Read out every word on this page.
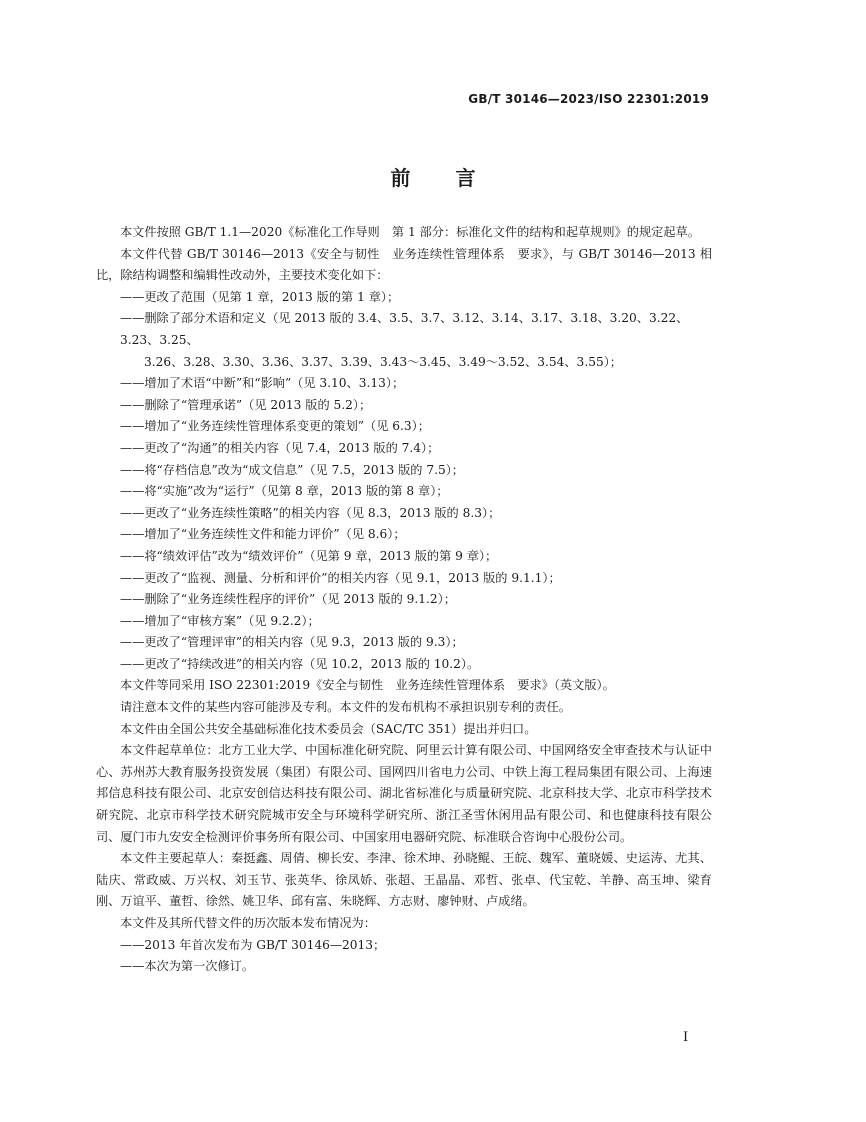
GB/T 30146—2023/ISO 22301:2019
前言

本文件按照 GB/T 1.1—2020《标准化工作导则　第 1 部分：标准化文件的结构和起草规则》的规定起草。

本文件代替 GB/T 30146—2013《安全与韧性　业务连续性管理体系　要求》，与 GB/T 30146—2013 相比，除结构调整和编辑性改动外，主要技术变化如下：

——更改了范围（见第 1 章，2013 版的第 1 章）；

——删除了部分术语和定义（见 2013 版的 3.4、3.5、3.7、3.12、3.14、3.17、3.18、3.20、3.22、3.23、3.25、

3.26、3.28、3.30、3.36、3.37、3.39、3.43～3.45、3.49～3.52、3.54、3.55）；

——增加了术语“中断”和“影响”（见 3.10、3.13）；

——删除了“管理承诺”（见 2013 版的 5.2）；

——增加了“业务连续性管理体系变更的策划”（见 6.3）；

——更改了“沟通”的相关内容（见 7.4，2013 版的 7.4）；

——将“存档信息”改为“成文信息”（见 7.5，2013 版的 7.5）；

——将“实施”改为“运行”（见第 8 章，2013 版的第 8 章）；

——更改了“业务连续性策略”的相关内容（见 8.3，2013 版的 8.3）；

——增加了“业务连续性文件和能力评价”（见 8.6）；

——将“绩效评估”改为“绩效评价”（见第 9 章，2013 版的第 9 章）；

——更改了“监视、测量、分析和评价”的相关内容（见 9.1，2013 版的 9.1.1）；

——删除了“业务连续性程序的评价”（见 2013 版的 9.1.2）；

——增加了“审核方案”（见 9.2.2）；

——更改了“管理评审”的相关内容（见 9.3，2013 版的 9.3）；

——更改了“持续改进”的相关内容（见 10.2，2013 版的 10.2）。

本文件等同采用 ISO 22301:2019《安全与韧性　业务连续性管理体系　要求》（英文版）。

请注意本文件的某些内容可能涉及专利。本文件的发布机构不承担识别专利的责任。

本文件由全国公共安全基础标准化技术委员会（SAC/TC 351）提出并归口。

本文件起草单位：北方工业大学、中国标准化研究院、阿里云计算有限公司、中国网络安全审查技术与认证中心、苏州苏大教育服务投资发展（集团）有限公司、国网四川省电力公司、中铁上海工程局集团有限公司、上海速邦信息科技有限公司、北京安创信达科技有限公司、湖北省标准化与质量研究院、北京科技大学、北京市科学技术研究院、北京市科学技术研究院城市安全与环境科学研究所、浙江圣雪休闲用品有限公司、和也健康科技有限公司、厦门市九安安全检测评价事务所有限公司、中国家用电器研究院、标准联合咨询中心股份公司。

本文件主要起草人：秦挺鑫、周倩、柳长安、李津、徐术坤、孙晓鲲、王皖、魏军、董晓媛、史运涛、尤其、陆庆、常政威、万兴权、刘玉节、张英华、徐凤娇、张超、王晶晶、邓哲、张卓、代宝乾、羊静、高玉坤、梁育刚、万谊平、董哲、徐然、姚卫华、邱有富、朱晓辉、方志财、廖钟财、卢成绪。

本文件及其所代替文件的历次版本发布情况为：

——2013 年首次发布为 GB/T 30146—2013；

——本次为第一次修订。

I
